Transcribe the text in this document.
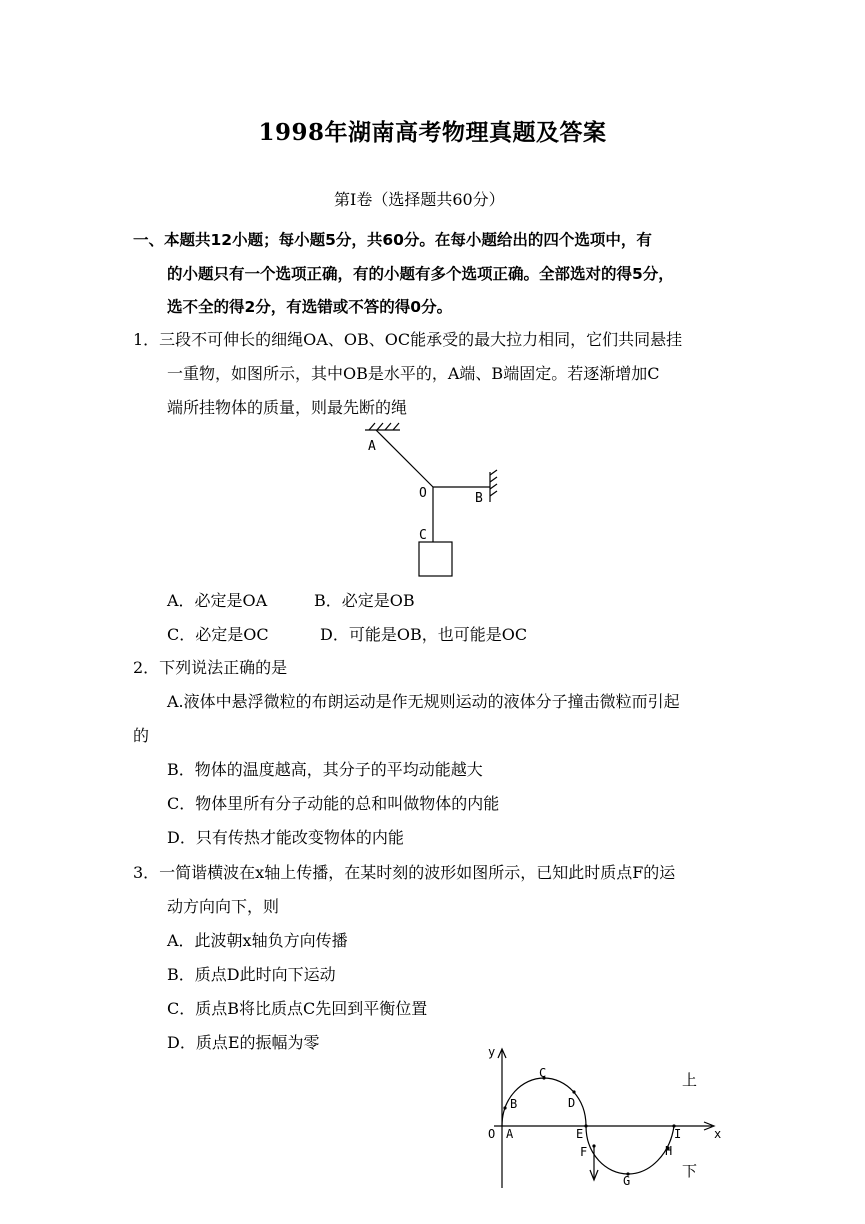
1998年湖南高考物理真题及答案
第Ⅰ卷（选择题共60分）
一、本题共12小题；每小题5分，共60分。在每小题给出的四个选项中，有
的小题只有一个选项正确，有的小题有多个选项正确。全部选对的得5分，
选不全的得2分，有选错或不答的得0分。
1．三段不可伸长的细绳OA、OB、OC能承受的最大拉力相同，它们共同悬挂
一重物，如图所示，其中OB是水平的，A端、B端固定。若逐渐增加C
端所挂物体的质量，则最先断的绳
A
O	B
C
A．必定是OA	B．必定是OB
C．必定是OC	D．可能是OB，也可能是OC
2．下列说法正确的是
A.液体中悬浮微粒的布朗运动是作无规则运动的液体分子撞击微粒而引起
的
B．物体的温度越高，其分子的平均动能越大
C．物体里所有分子动能的总和叫做物体的内能
D．只有传热才能改变物体的内能
3．一简谐横波在x轴上传播，在某时刻的波形如图所示，已知此时质点F的运
动方向向下，则
A．此波朝x轴负方向传播
B．质点D此时向下运动
C．质点B将比质点C先回到平衡位置
D．质点E的振幅为零	y
x
O A
B
C
D
E
F
G
H
I
上
下
